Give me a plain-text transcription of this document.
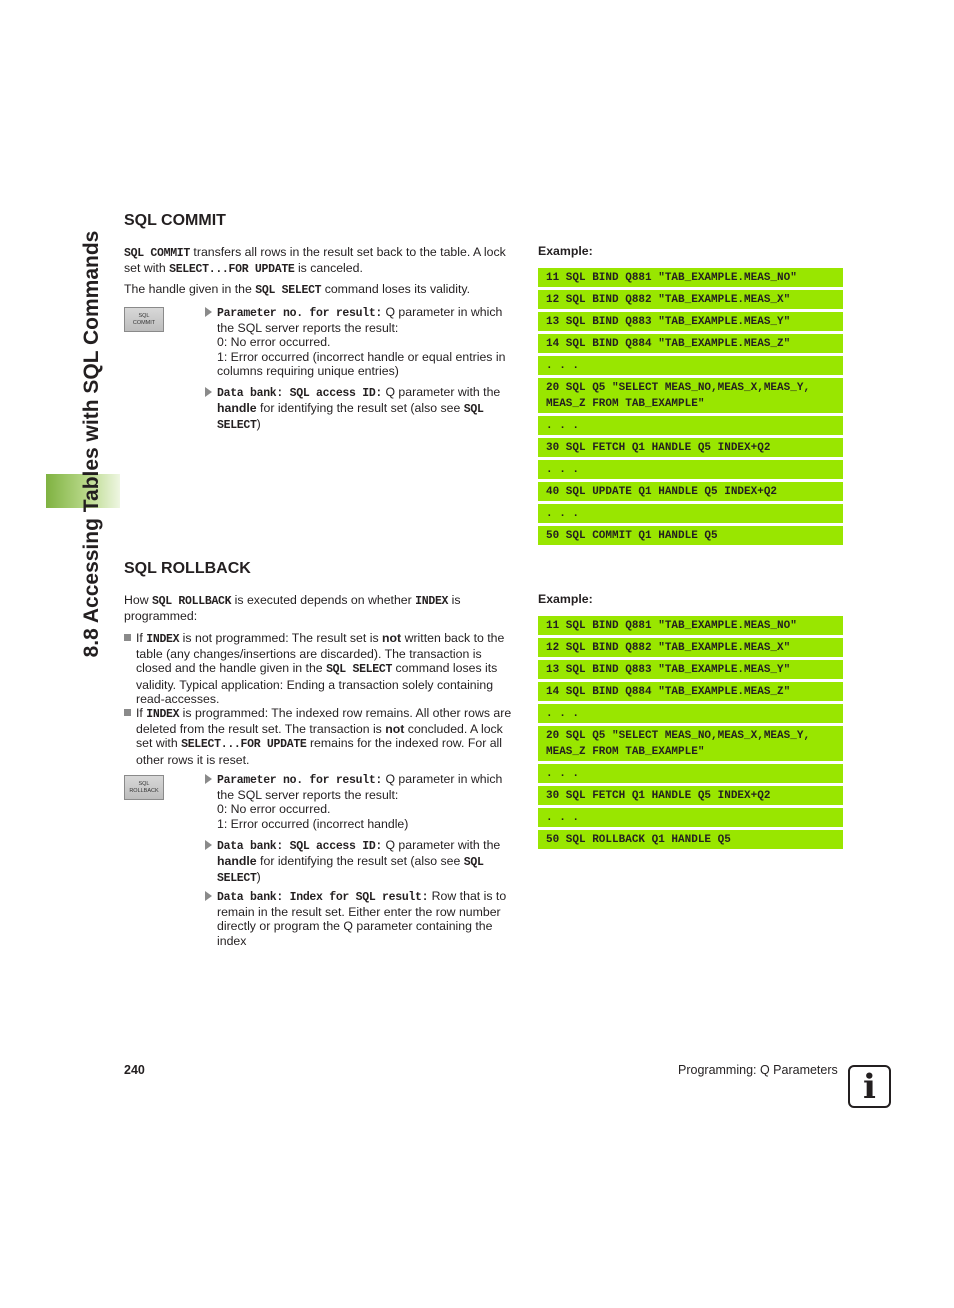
8.8 Accessing Tables with SQL Commands
SQL COMMIT

SQL COMMIT transfers all rows in the result set back to the table. A lock set with SELECT...FOR UPDATE is canceled.

The handle given in the SQL SELECT command loses its validity.

SQL
COMMIT
Parameter no. for result: Q parameter in which the SQL server reports the result:
0: No error occurred.
1: Error occurred (incorrect handle or equal entries in columns requiring unique entries)
Data bank: SQL access ID: Q parameter with the handle for identifying the result set (also see SQL SELECT)
Example:
11 SQL BIND Q881 "TAB_EXAMPLE.MEAS_NO"
12 SQL BIND Q882 "TAB_EXAMPLE.MEAS_X"
13 SQL BIND Q883 "TAB_EXAMPLE.MEAS_Y"
14 SQL BIND Q884 "TAB_EXAMPLE.MEAS_Z"
. . .
20 SQL Q5 "SELECT MEAS_NO,MEAS_X,MEAS_Y,
MEAS_Z FROM TAB_EXAMPLE"
. . .
30 SQL FETCH Q1 HANDLE Q5 INDEX+Q2
. . .
40 SQL UPDATE Q1 HANDLE Q5 INDEX+Q2
. . .
50 SQL COMMIT Q1 HANDLE Q5
SQL ROLLBACK

How SQL ROLLBACK is executed depends on whether INDEX is programmed:

If INDEX is not programmed: The result set is not written back to the table (any changes/insertions are discarded). The transaction is closed and the handle given in the SQL SELECT command loses its validity. Typical application: Ending a transaction solely containing read-accesses.
If INDEX is programmed: The indexed row remains. All other rows are deleted from the result set. The transaction is not concluded. A lock set with SELECT...FOR UPDATE remains for the indexed row. For all other rows it is reset.
SQL
ROLLBACK
Parameter no. for result: Q parameter in which the SQL server reports the result:
0: No error occurred.
1: Error occurred (incorrect handle)
Data bank: SQL access ID: Q parameter with the handle for identifying the result set (also see SQL SELECT)
Data bank: Index for SQL result: Row that is to remain in the result set. Either enter the row number directly or program the Q parameter containing the index
Example:
11 SQL BIND Q881 "TAB_EXAMPLE.MEAS_NO"
12 SQL BIND Q882 "TAB_EXAMPLE.MEAS_X"
13 SQL BIND Q883 "TAB_EXAMPLE.MEAS_Y"
14 SQL BIND Q884 "TAB_EXAMPLE.MEAS_Z"
. . .
20 SQL Q5 "SELECT MEAS_NO,MEAS_X,MEAS_Y,
MEAS_Z FROM TAB_EXAMPLE"
. . .
30 SQL FETCH Q1 HANDLE Q5 INDEX+Q2
. . .
50 SQL ROLLBACK Q1 HANDLE Q5
240	Programming: Q Parameters i
